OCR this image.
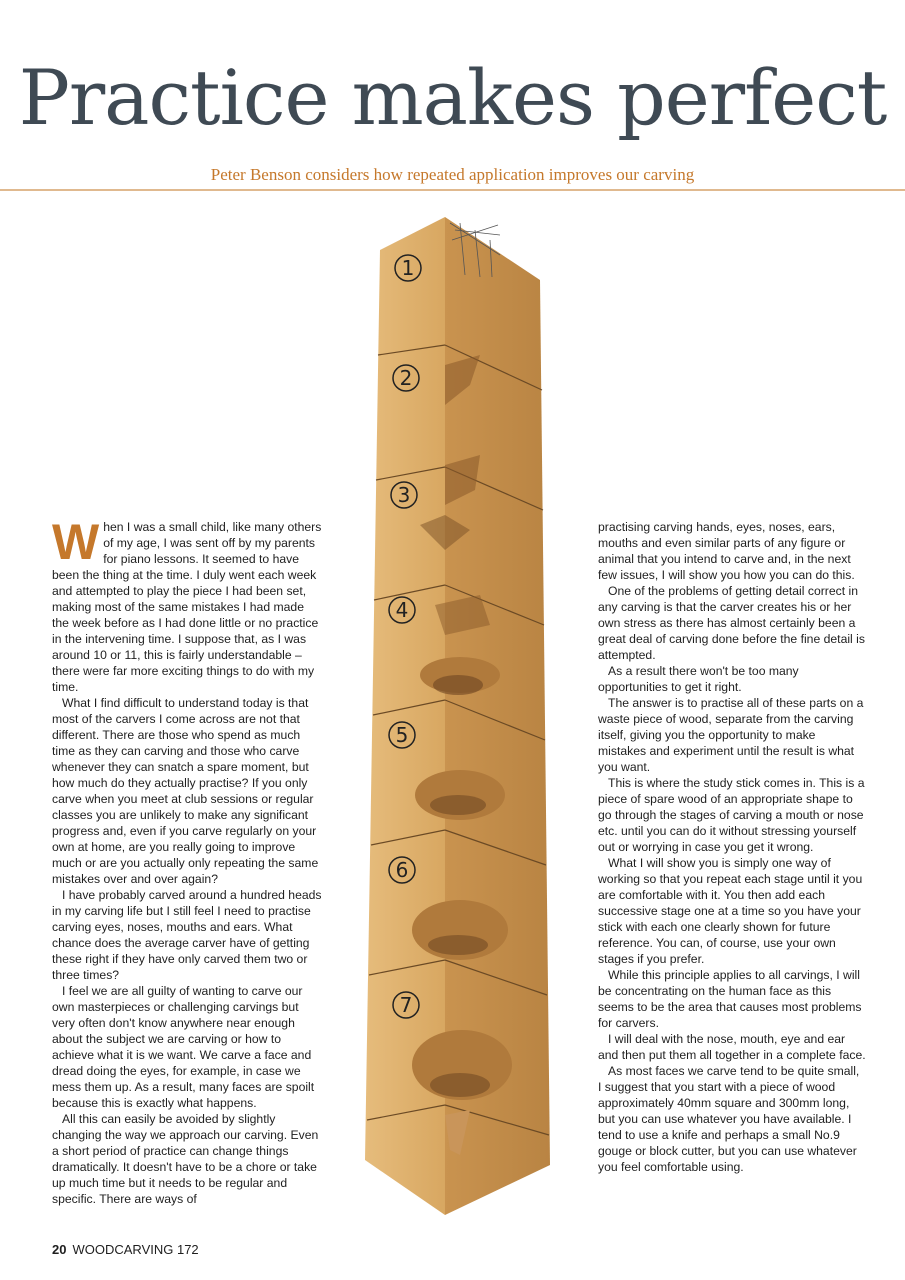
Practice makes perfect
Peter Benson considers how repeated application improves our carving
1
2
3
4
5
6
7

When I was a small child, like many others of my age, I was sent off by my parents for piano lessons. It seemed to have been the thing at the time. I duly went each week and attempted to play the piece I had been set, making most of the same mistakes I had made the week before as I had done little or no practice in the intervening time. I suppose that, as I was around 10 or 11, this is fairly understandable – there were far more exciting things to do with my time.

What I find difficult to understand today is that most of the carvers I come across are not that different. There are those who spend as much time as they can carving and those who carve whenever they can snatch a spare moment, but how much do they actually practise? If you only carve when you meet at club sessions or regular classes you are unlikely to make any significant progress and, even if you carve regularly on your own at home, are you really going to improve much or are you actually only repeating the same mistakes over and over again?

I have probably carved around a hundred heads in my carving life but I still feel I need to practise carving eyes, noses, mouths and ears. What chance does the average carver have of getting these right if they have only carved them two or three times?

I feel we are all guilty of wanting to carve our own masterpieces or challenging carvings but very often don't know anywhere near enough about the subject we are carving or how to achieve what it is we want. We carve a face and dread doing the eyes, for example, in case we mess them up. As a result, many faces are spoilt because this is exactly what happens.

All this can easily be avoided by slightly changing the way we approach our carving. Even a short period of practice can change things dramatically. It doesn't have to be a chore or take up much time but it needs to be regular and specific. There are ways of

practising carving hands, eyes, noses, ears, mouths and even similar parts of any figure or animal that you intend to carve and, in the next few issues, I will show you how you can do this.

One of the problems of getting detail correct in any carving is that the carver creates his or her own stress as there has almost certainly been a great deal of carving done before the fine detail is attempted.

As a result there won't be too many opportunities to get it right.

The answer is to practise all of these parts on a waste piece of wood, separate from the carving itself, giving you the opportunity to make mistakes and experiment until the result is what you want.

This is where the study stick comes in. This is a piece of spare wood of an appropriate shape to go through the stages of carving a mouth or nose etc. until you can do it without stressing yourself out or worrying in case you get it wrong.

What I will show you is simply one way of working so that you repeat each stage until it you are comfortable with it. You then add each successive stage one at a time so you have your stick with each one clearly shown for future reference. You can, of course, use your own stages if you prefer.

While this principle applies to all carvings, I will be concentrating on the human face as this seems to be the area that causes most problems for carvers.

I will deal with the nose, mouth, eye and ear and then put them all together in a complete face.

As most faces we carve tend to be quite small, I suggest that you start with a piece of wood approximately 40mm square and 300mm long, but you can use whatever you have available. I tend to use a knife and perhaps a small No.9 gouge or block cutter, but you can use whatever you feel comfortable using.

20 WOODCARVING 172
